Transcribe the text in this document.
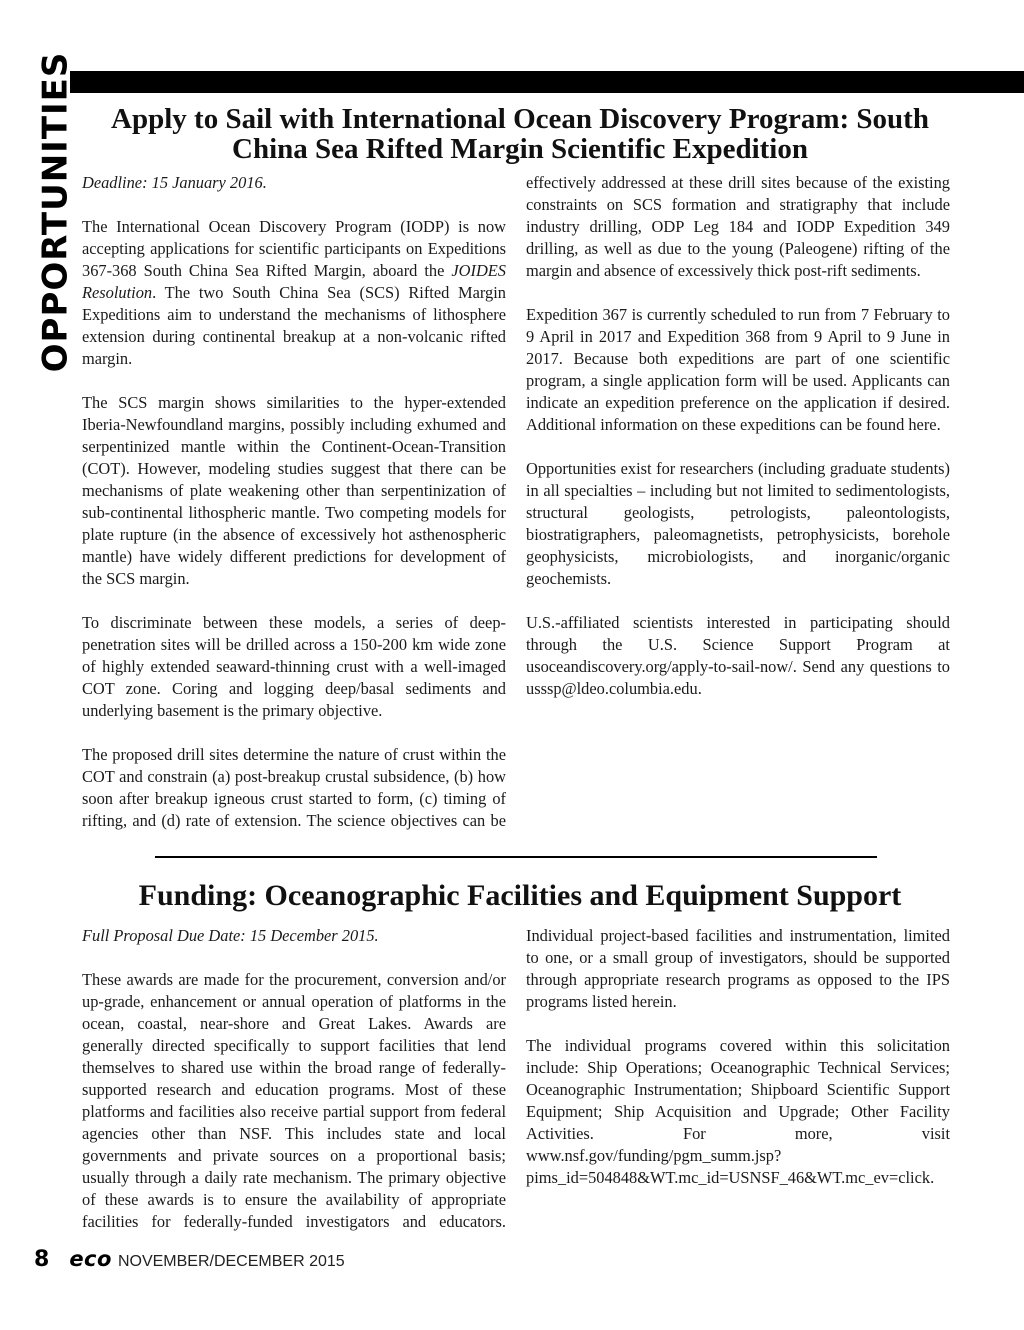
OPPORTUNITIES	Apply to Sail with International Ocean Discovery Program: South China Sea Rifted Margin Scientific Expedition

Deadline: 15 January 2016.

The International Ocean Discovery Program (IODP) is now accepting applications for scientific participants on Expeditions 367-368 South China Sea Rifted Margin, aboard the JOIDES Resolution. The two South China Sea (SCS) Rifted Margin Expeditions aim to understand the mechanisms of lithosphere extension during continental breakup at a non-volcanic rifted margin.

The SCS margin shows similarities to the hyper-extended Iberia-Newfoundland margins, possibly including exhumed and serpentinized mantle within the Continent-Ocean-Transition (COT). However, modeling studies suggest that there can be mechanisms of plate weakening other than serpentinization of sub-continental lithospheric mantle. Two competing models for plate rupture (in the absence of excessively hot asthenospheric mantle) have widely different predictions for development of the SCS margin.

To discriminate between these models, a series of deep-penetration sites will be drilled across a 150-200 km wide zone of highly extended seaward-thinning crust with a well-imaged COT zone. Coring and logging deep/basal sediments and underlying basement is the primary objective.

The proposed drill sites determine the nature of crust within the COT and constrain (a) post-breakup crustal subsidence, (b) how soon after breakup igneous crust started to form, (c) timing of rifting, and (d) rate of extension. The science objectives can be

effectively addressed at these drill sites because of the existing constraints on SCS formation and stratigraphy that include industry drilling, ODP Leg 184 and IODP Expedition 349 drilling, as well as due to the young (Paleogene) rifting of the margin and absence of excessively thick post-rift sediments.

Expedition 367 is currently scheduled to run from 7 February to 9 April in 2017 and Expedition 368 from 9 April to 9 June in 2017. Because both expeditions are part of one scientific program, a single application form will be used. Applicants can indicate an expedition preference on the application if desired. Additional information on these expeditions can be found here.

Opportunities exist for researchers (including graduate students) in all specialties – including but not limited to sedimentologists, structural geologists, petrologists, paleontologists, biostratigraphers, paleomagnetists, petrophysicists, borehole geophysicists, microbiologists, and inorganic/organic geochemists.

U.S.-affiliated scientists interested in participating should through the U.S. Science Support Program at usoceandiscovery.org/apply-to-sail-now/. Send any questions to usssp@ldeo.columbia.edu.

Funding: Oceanographic Facilities and Equipment Support

Full Proposal Due Date: 15 December 2015.

These awards are made for the procurement, conversion and/or up-grade, enhancement or annual operation of platforms in the ocean, coastal, near-shore and Great Lakes. Awards are generally directed specifically to support facilities that lend themselves to shared use within the broad range of federally-supported research and education programs. Most of these platforms and facilities also receive partial support from federal agencies other than NSF. This includes state and local governments and private sources on a proportional basis; usually through a daily rate mechanism. The primary objective of these awards is to ensure the availability of appropriate facilities for federally-funded investigators and educators.

Individual project-based facilities and instrumentation, limited to one, or a small group of investigators, should be supported through appropriate research programs as opposed to the IPS programs listed herein.

The individual programs covered within this solicitation include: Ship Operations; Oceanographic Technical Services; Oceanographic Instrumentation; Shipboard Scientific Support Equipment; Ship Acquisition and Upgrade; Other Facility Activities. For more, visit www.nsf.gov/funding/pgm_summ.jsp?pims_id=504848&WT.mc_id=USNSF_46&WT.mc_ev=click.

8 eco NOVEMBER/DECEMBER 2015
